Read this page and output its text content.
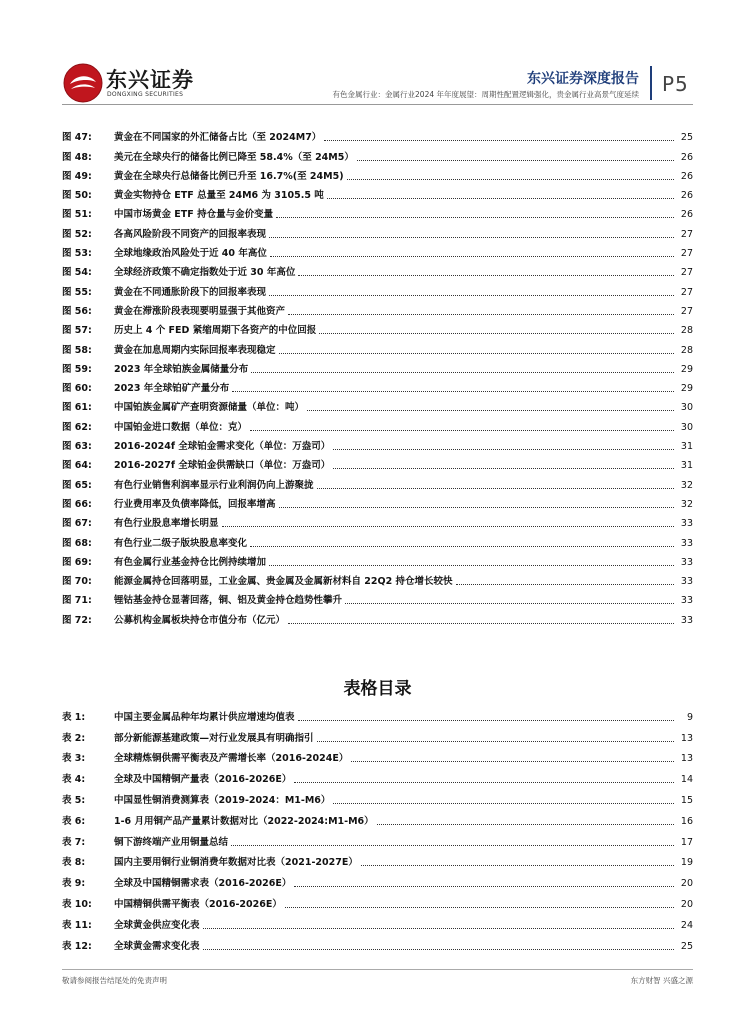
东兴证券
DONGXING SECURITIES
东兴证券深度报告
有色金属行业：金属行业2024 年年度展望：周期性配置逻辑强化，贵金属行业高景气度延续 P5
图 47:	黄金在不同国家的外汇储备占比（至 2024M7）	25
图 48:	美元在全球央行的储备比例已降至 58.4%（至 24M5）	26
图 49:	黄金在全球央行总储备比例已升至 16.7%(至 24M5)	26
图 50:	黄金实物持仓 ETF 总量至 24M6 为 3105.5 吨	26
图 51:	中国市场黄金 ETF 持仓量与金价变量	26
图 52:	各高风险阶段不同资产的回报率表现	27
图 53:	全球地缘政治风险处于近 40 年高位	27
图 54:	全球经济政策不确定指数处于近 30 年高位	27
图 55:	黄金在不同通胀阶段下的回报率表现	27
图 56:	黄金在滞涨阶段表现要明显强于其他资产	27
图 57:	历史上 4 个 FED 紧缩周期下各资产的中位回报	28
图 58:	黄金在加息周期内实际回报率表现稳定	28
图 59:	2023 年全球铂族金属储量分布	29
图 60:	2023 年全球铂矿产量分布	29
图 61:	中国铂族金属矿产查明资源储量（单位：吨）	30
图 62:	中国铂金进口数据（单位：克）	30
图 63:	2016-2024f 全球铂金需求变化（单位：万盎司）	31
图 64:	2016-2027f 全球铂金供需缺口（单位：万盎司）	31
图 65:	有色行业销售利润率显示行业利润仍向上游聚拢	32
图 66:	行业费用率及负债率降低，回报率增高	32
图 67:	有色行业股息率增长明显	33
图 68:	有色行业二级子版块股息率变化	33
图 69:	有色金属行业基金持仓比例持续增加	33
图 70:	能源金属持仓回落明显，工业金属、贵金属及金属新材料自 22Q2 持仓增长较快	33
图 71:	锂钴基金持仓显著回落，铜、铝及黄金持仓趋势性攀升	33
图 72:	公募机构金属板块持仓市值分布（亿元）	33
表格目录
表 1:	中国主要金属品种年均累计供应增速均值表	9
表 2:	部分新能源基建政策—对行业发展具有明确指引	13
表 3:	全球精炼铜供需平衡表及产需增长率（2016-2024E）	13
表 4:	全球及中国精铜产量表（2016-2026E）	14
表 5:	中国显性铜消费测算表（2019-2024：M1-M6）	15
表 6:	1-6 月用铜产品产量累计数据对比（2022-2024:M1-M6）	16
表 7:	铜下游终端产业用铜量总结	17
表 8:	国内主要用铜行业铜消费年数据对比表（2021-2027E）	19
表 9:	全球及中国精铜需求表（2016-2026E）	20
表 10:	中国精铜供需平衡表（2016-2026E）	20
表 11:	全球黄金供应变化表	24
表 12:	全球黄金需求变化表	25
敬请参阅报告结尾处的免责声明	东方财智 兴盛之源
